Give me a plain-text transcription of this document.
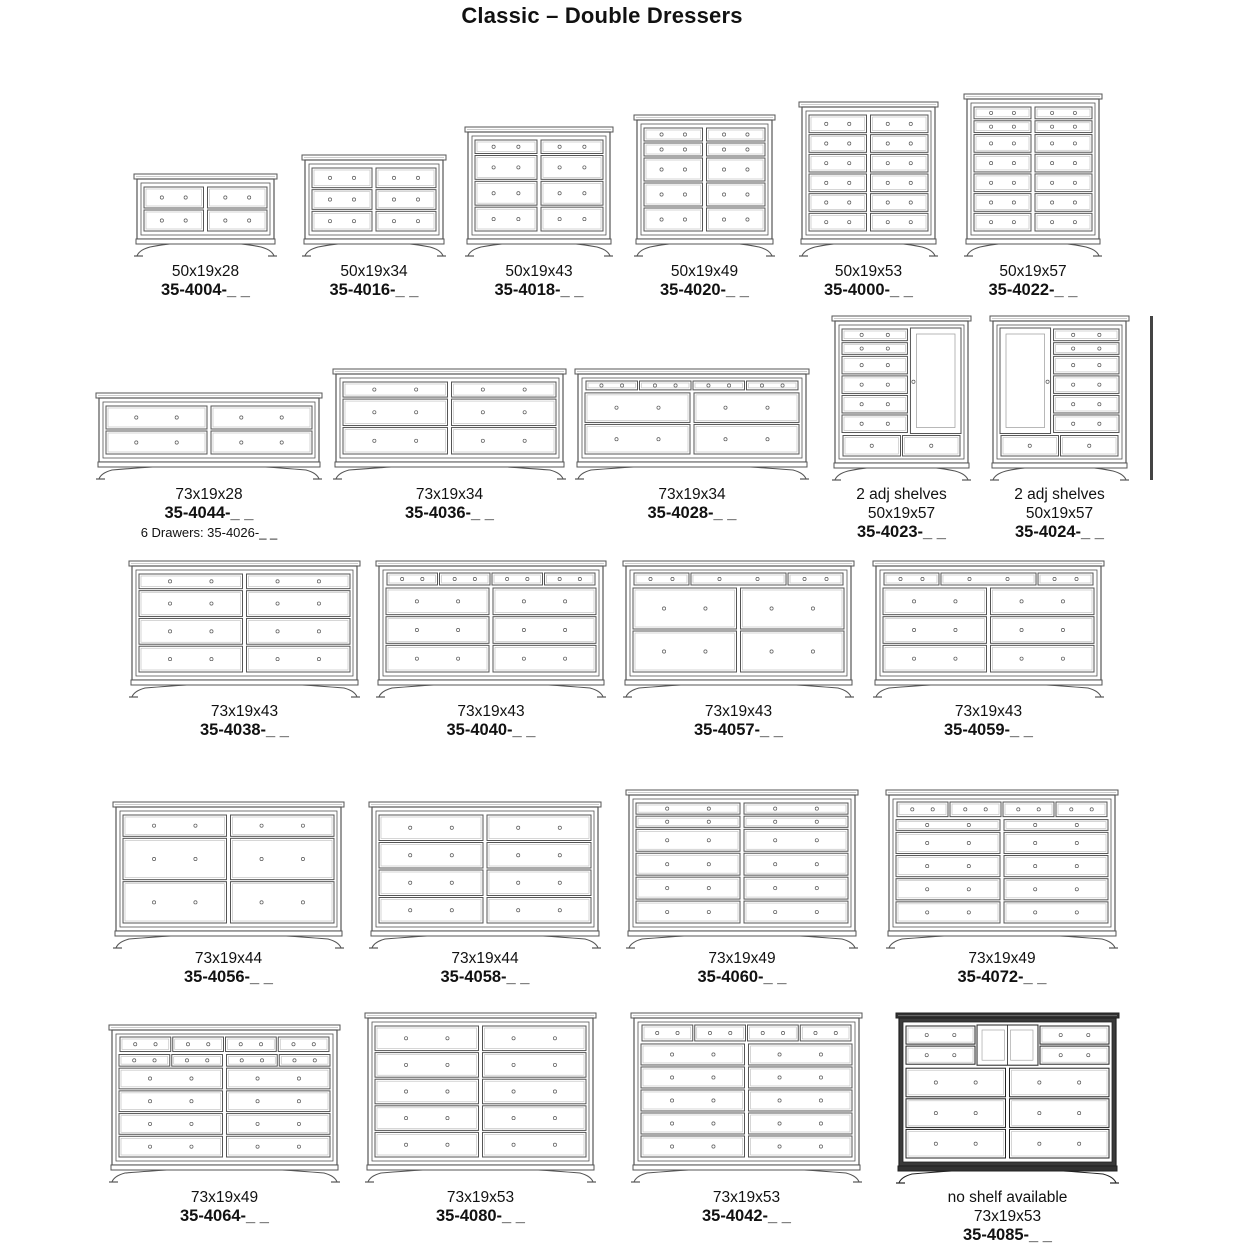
Classic – Double Dressers
50x19x28
35-4004-_ _
50x19x34
35-4016-_ _
50x19x43
35-4018-_ _
50x19x49
35-4020-_ _
50x19x53
35-4000-_ _
50x19x57
35-4022-_ _
73x19x28
35-4044-_ _
6 Drawers: 35-4026-_ _
73x19x34
35-4036-_ _
73x19x34
35-4028-_ _
2 adj shelves
50x19x57
35-4023-_ _
2 adj shelves
50x19x57
35-4024-_ _
73x19x43
35-4038-_ _
73x19x43
35-4040-_ _
73x19x43
35-4057-_ _
73x19x43
35-4059-_ _
73x19x44
35-4056-_ _
73x19x44
35-4058-_ _
73x19x49
35-4060-_ _
73x19x49
35-4072-_ _
73x19x49
35-4064-_ _
73x19x53
35-4080-_ _
73x19x53
35-4042-_ _
no shelf available
73x19x53
35-4085-_ _
